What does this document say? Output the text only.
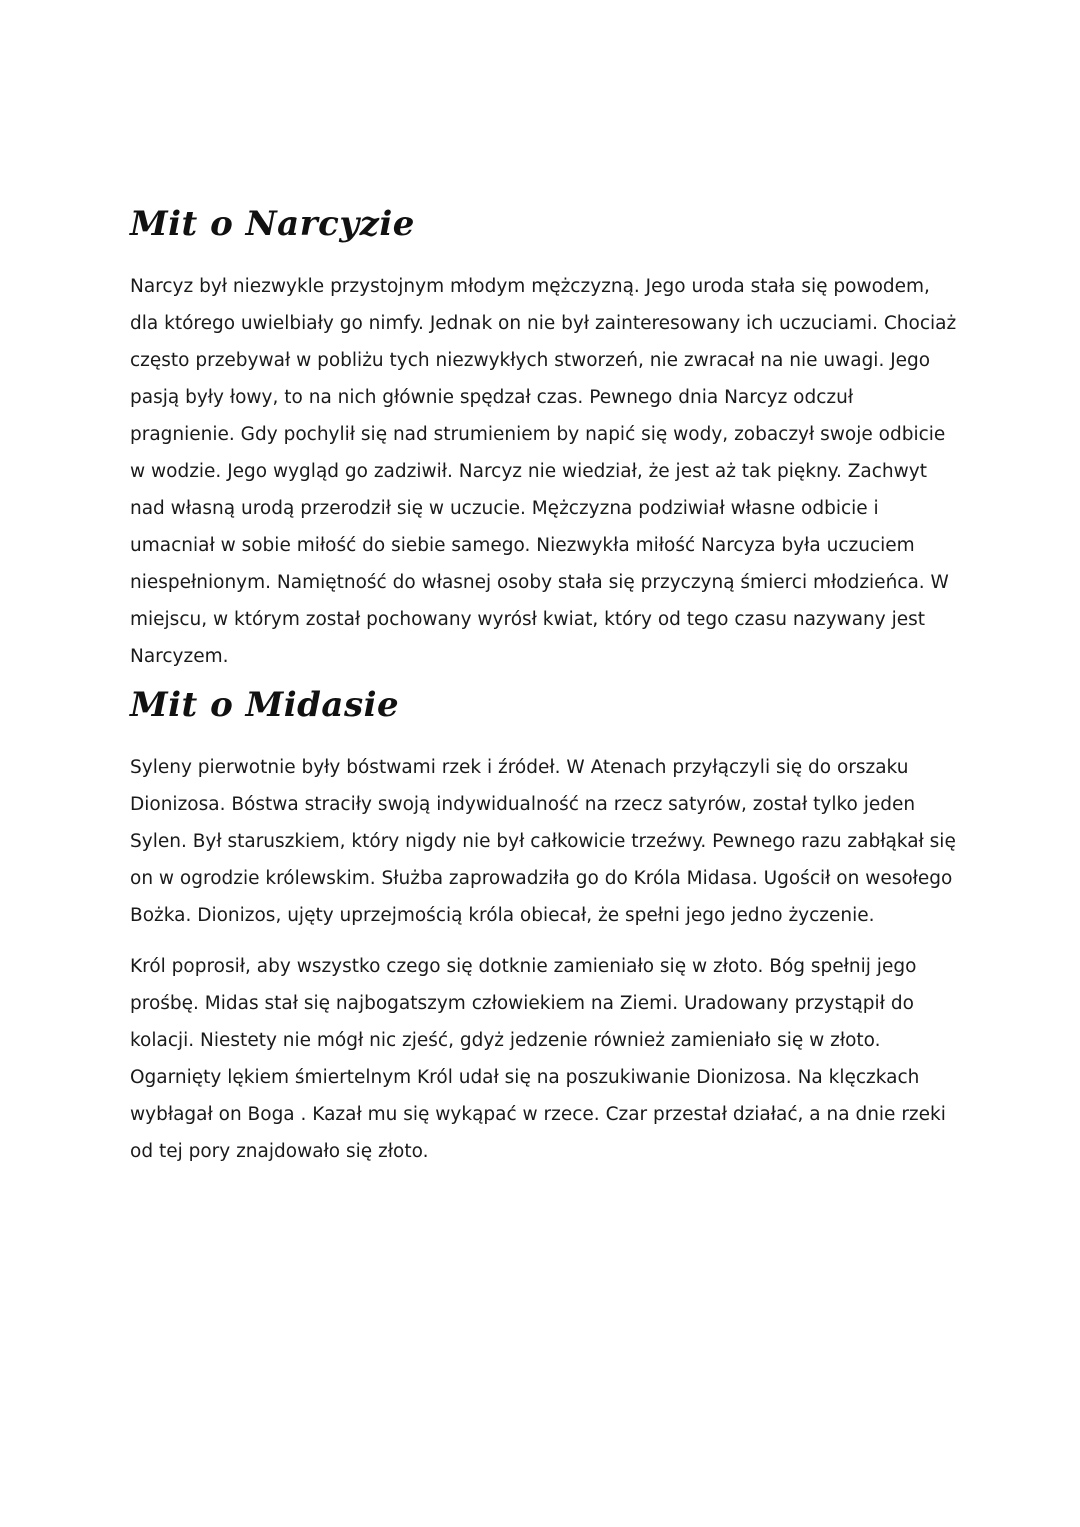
Mit o Narcyzie

Narcyz był niezwykle przystojnym młodym mężczyzną. Jego uroda stała się powodem, dla którego uwielbiały go nimfy. Jednak on nie był zainteresowany ich uczuciami. Chociaż często przebywał w pobliżu tych niezwykłych stworzeń, nie zwracał na nie uwagi. Jego pasją były łowy, to na nich głównie spędzał czas. Pewnego dnia Narcyz odczuł pragnienie. Gdy pochylił się nad strumieniem by napić się wody, zobaczył swoje odbicie w wodzie. Jego wygląd go zadziwił. Narcyz nie wiedział, że jest aż tak piękny. Zachwyt nad własną urodą przerodził się w uczucie. Mężczyzna podziwiał własne odbicie i umacniał w sobie miłość do siebie samego. Niezwykła miłość Narcyza była uczuciem niespełnionym. Namiętność do własnej osoby stała się przyczyną śmierci młodzieńca. W miejscu, w którym został pochowany wyrósł kwiat, który od tego czasu nazywany jest Narcyzem.

Mit o Midasie

Syleny pierwotnie były bóstwami rzek i źródeł. W Atenach przyłączyli się do orszaku Dionizosa. Bóstwa straciły swoją indywidualność na rzecz satyrów, został tylko jeden Sylen. Był staruszkiem, który nigdy nie był całkowicie trzeźwy. Pewnego razu zabłąkał się on w ogrodzie królewskim. Służba zaprowadziła go do Króla Midasa. Ugościł on wesołego Bożka. Dionizos, ujęty uprzejmością króla obiecał, że spełni jego jedno życzenie.

Król poprosił, aby wszystko czego się dotknie zamieniało się w złoto. Bóg spełnij jego prośbę. Midas stał się najbogatszym człowiekiem na Ziemi. Uradowany przystąpił do kolacji. Niestety nie mógł nic zjeść, gdyż jedzenie również zamieniało się w złoto. Ogarnięty lękiem śmiertelnym Król udał się na poszukiwanie Dionizosa. Na klęczkach wybłagał on Boga . Kazał mu się wykąpać w rzece. Czar przestał działać, a na dnie rzeki od tej pory znajdowało się złoto.
